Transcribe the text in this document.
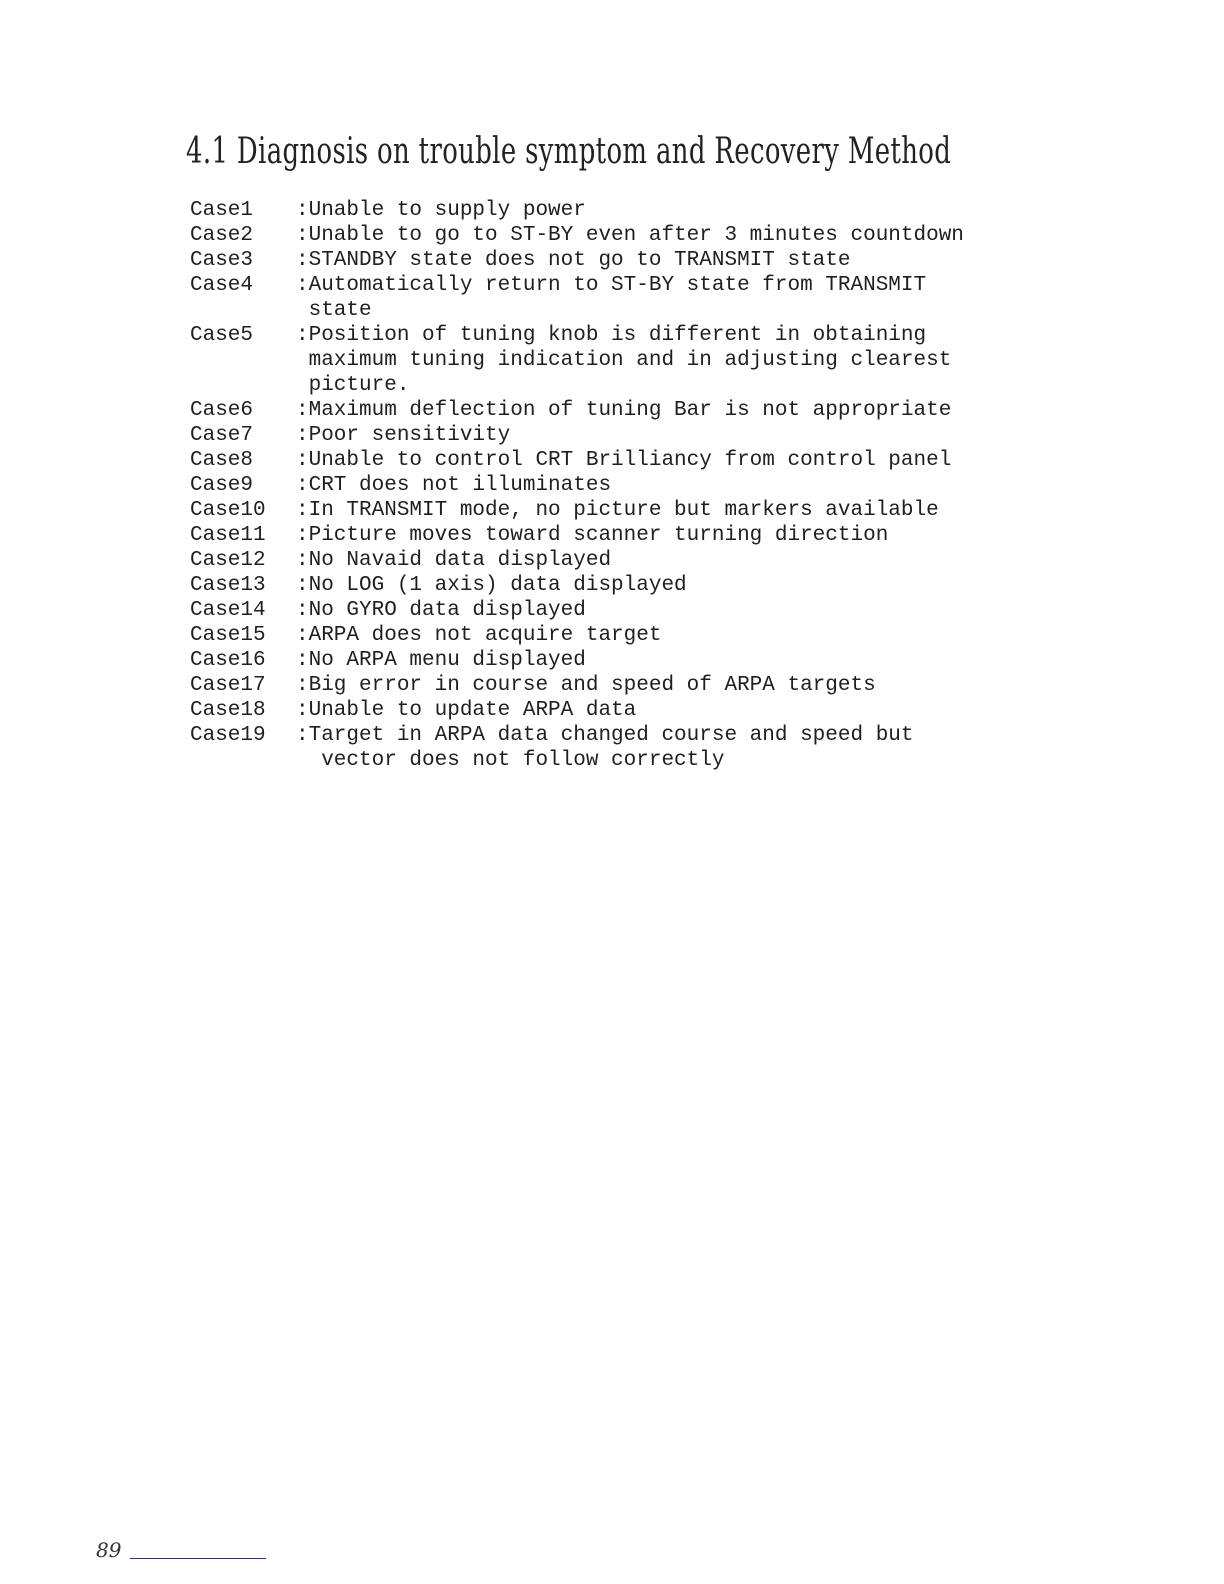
4.1 Diagnosis on trouble symptom and Recovery Method
Case1	:Unable to supply power
Case2	:Unable to go to ST-BY even after 3 minutes countdown
Case3	:STANDBY state does not go to TRANSMIT state
Case4	:Automatically return to ST-BY state from TRANSMIT
state
Case5	:Position of tuning knob is different in obtaining
maximum tuning indication and in adjusting clearest
picture.
Case6	:Maximum deflection of tuning Bar is not appropriate
Case7	:Poor sensitivity
Case8	:Unable to control CRT Brilliancy from control panel
Case9	:CRT does not illuminates
Case10	:In TRANSMIT mode, no picture but markers available
Case11	:Picture moves toward scanner turning direction
Case12	:No Navaid data displayed
Case13	:No LOG (1 axis) data displayed
Case14	:No GYRO data displayed
Case15	:ARPA does not acquire target
Case16	:No ARPA menu displayed
Case17	:Big error in course and speed of ARPA targets
Case18	:Unable to update ARPA data
Case19	:Target in ARPA data changed course and speed but
vector does not follow correctly
89
